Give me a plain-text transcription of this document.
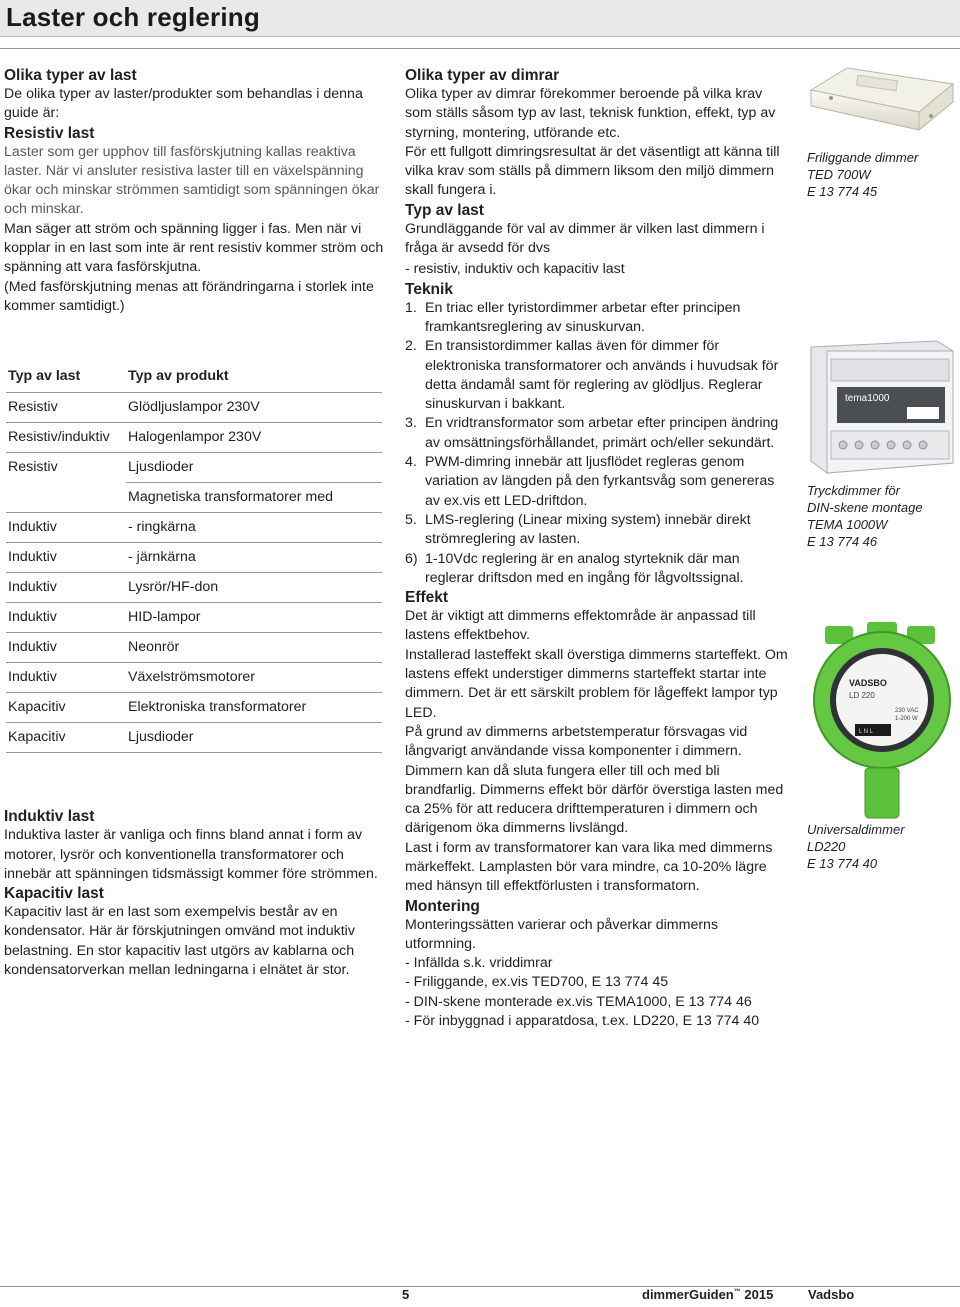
Laster och reglering
Olika typer av last

De olika typer av laster/produkter som behandlas i denna guide är:

Resistiv last

Laster som ger upphov till fasförskjutning kallas reaktiva laster. När vi ansluter resistiva laster till en växelspänning ökar och minskar strömmen samtidigt som spänningen ökar och minskar.

Man säger att ström och spänning ligger i fas. Men när vi kopplar in en last som inte är rent resistiv kommer ström och spänning att vara fasförskjutna.

(Med fasförskjutning menas att förändringarna i storlek inte kommer samtidigt.)

Typ av last	Typ av produkt
Resistiv	Glödljuslampor 230V
Resistiv/induktiv	Halogenlampor 230V
Resistiv	Ljusdioder
	Magnetiska transformatorer med
Induktiv	- ringkärna
Induktiv	- järnkärna
Induktiv	Lysrör/HF-don
Induktiv	HID-lampor
Induktiv	Neonrör
Induktiv	Växelströmsmotorer
Kapacitiv	Elektroniska transformatorer
Kapacitiv	Ljusdioder
Induktiv last

Induktiva laster är vanliga och finns bland annat i form av motorer, lysrör och konventionella transformatorer och innebär att spänningen tidsmässigt kommer före strömmen.

Kapacitiv last

Kapacitiv last är en last som exempelvis består av en kondensator. Här är förskjutningen omvänd mot induktiv belastning. En stor kapacitiv last utgörs av kablarna och kondensatorverkan mellan ledningarna i elnätet är stor.

Olika typer av dimrar

Olika typer av dimrar förekommer beroende på vilka krav som ställs såsom typ av last, teknisk funktion, effekt, typ av styrning, montering, utförande etc.

För ett fullgott dimringsresultat är det väsentligt att känna till vilka krav som ställs på dimmern liksom den miljö dimmern skall fungera i.

Typ av last

Grundläggande för val av dimmer är vilken last dimmern i fråga är avsedd för dvs

- resistiv, induktiv och kapacitiv last

Teknik
1. En triac eller tyristordimmer arbetar efter principen framkantsreglering av sinuskurvan.
2. En transistordimmer kallas även för dimmer för elektroniska transformatorer och används i huvudsak för detta ändamål samt för reglering av glödljus. Reglerar sinuskurvan i bakkant.
3. En vridtransformator som arbetar efter principen ändring av omsättningsförhållandet, primärt och/eller sekundärt.
4. PWM-dimring innebär att ljusflödet regleras genom variation av längden på den fyrkantsvåg som genereras av ex.vis ett LED-driftdon.
5. LMS-reglering (Linear mixing system) innebär direkt strömreglering av lasten.
6) 1-10Vdc reglering är en analog styrteknik där man reglerar driftsdon med en ingång för lågvoltssignal.
Effekt

Det är viktigt att dimmerns effektområde är anpassad till lastens effektbehov.

Installerad lasteffekt skall överstiga dimmerns starteffekt. Om lastens effekt understiger dimmerns starteffekt startar inte dimmern. Det är ett särskilt problem för lågeffekt lampor typ LED.

På grund av dimmerns arbetstemperatur försvagas vid långvarigt användande vissa komponenter i dimmern. Dimmern kan då sluta fungera eller till och med bli brandfarlig. Dimmerns effekt bör därför överstiga lasten med ca 25% för att reducera drifttemperaturen i dimmern och därigenom öka dimmerns livslängd.

Last i form av transformatorer kan vara lika med dimmerns märkeffekt. Lamplasten bör vara mindre, ca 10-20% lägre med hänsyn till effektförlusten i transformatorn.

Montering

Monteringssätten varierar och påverkar dimmerns utformning.

- Infällda s.k. vriddimrar
- Friliggande, ex.vis TED700, E 13 774 45
- DIN-skene monterade ex.vis TEMA1000, E 13 774 46
- För inbyggnad i apparatdosa, t.ex. LD220, E 13 774 40
Friliggande dimmer
TED 700W
E 13 774 45
tema1000
Tryckdimmer för
DIN-skene montage
TEMA 1000W
E 13 774 46
VADSBO
LD 220
230 VAC
1-200 W
L N L
Universaldimmer
LD220
E 13 774 40
5	dimmerGuiden™ 2015	Vadsbo
